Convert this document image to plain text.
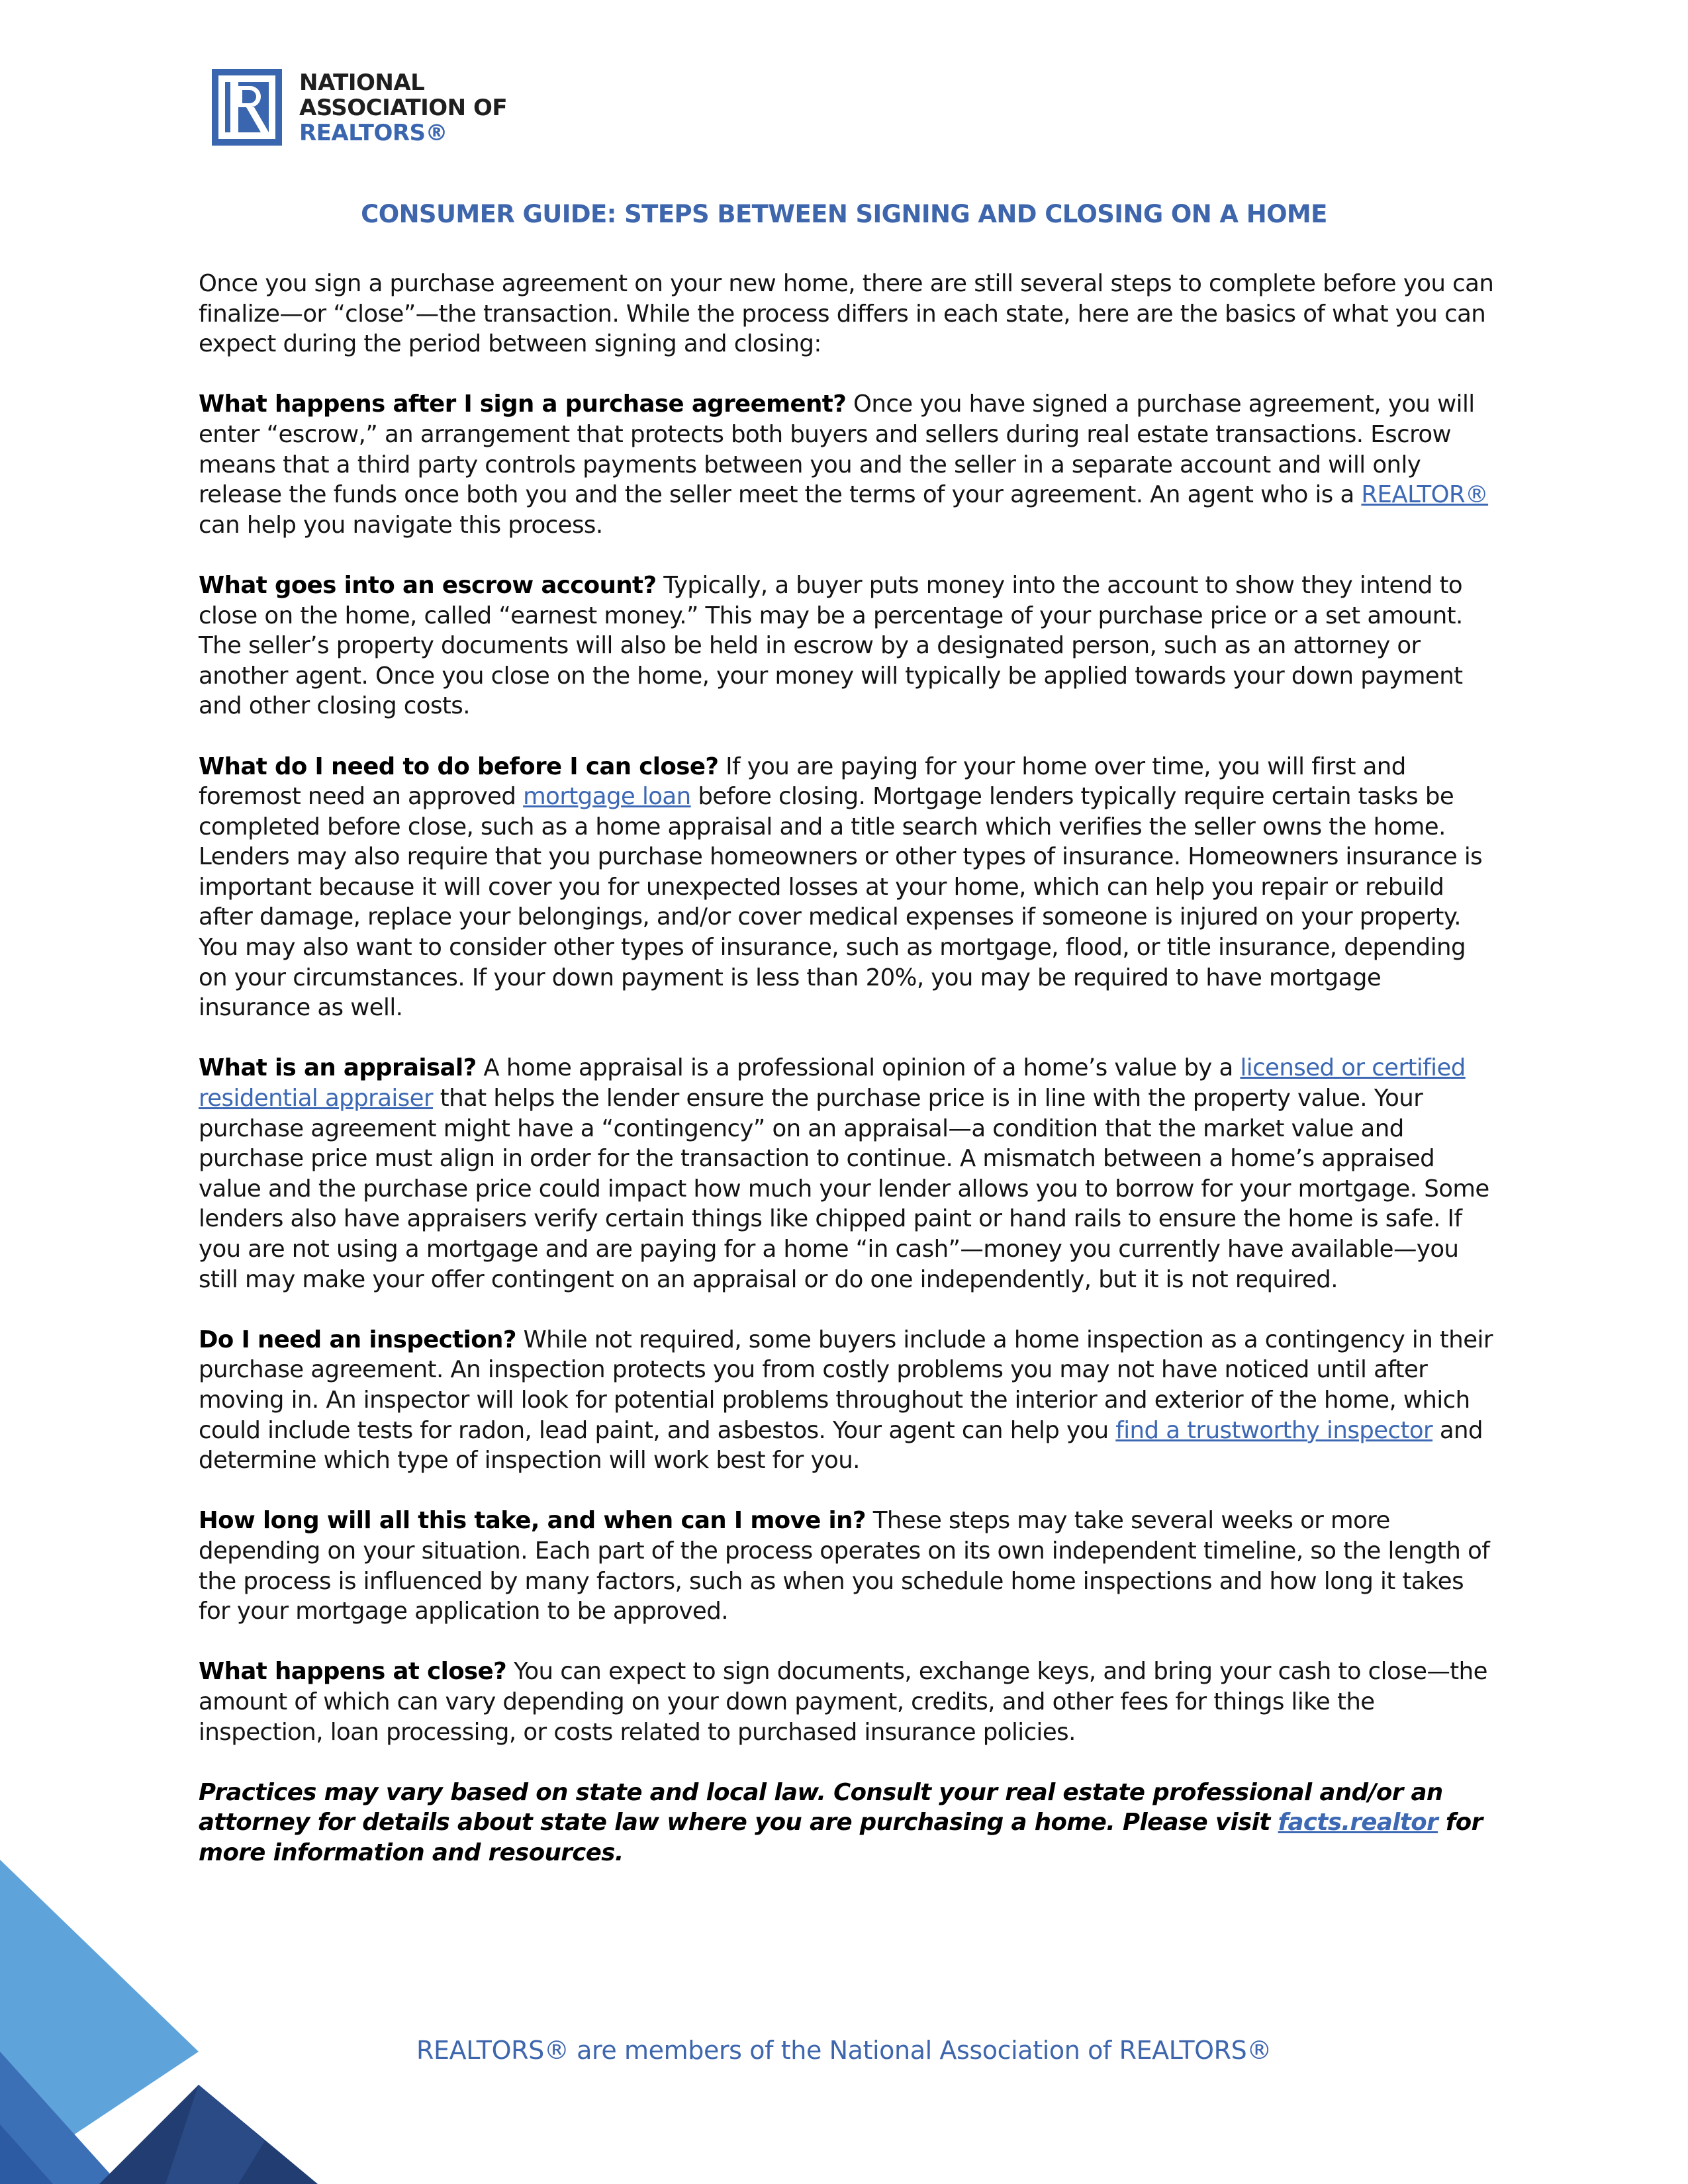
NATIONAL
ASSOCIATION OF
REALTORS®
CONSUMER GUIDE: STEPS BETWEEN SIGNING AND CLOSING ON A HOME

Once you sign a purchase agreement on your new home, there are still several steps to complete before you can finalize—or “close”—the transaction. While the process differs in each state, here are the basics of what you can expect during the period between signing and closing:

What happens after I sign a purchase agreement? Once you have signed a purchase agreement, you will enter “escrow,” an arrangement that protects both buyers and sellers during real estate transactions. Escrow means that a third party controls payments between you and the seller in a separate account and will only release the funds once both you and the seller meet the terms of your agreement. An agent who is a REALTOR® can help you navigate this process.

What goes into an escrow account? Typically, a buyer puts money into the account to show they intend to close on the home, called “earnest money.” This may be a percentage of your purchase price or a set amount. The seller’s property documents will also be held in escrow by a designated person, such as an attorney or another agent. Once you close on the home, your money will typically be applied towards your down payment and other closing costs.

What do I need to do before I can close? If you are paying for your home over time, you will first and foremost need an approved mortgage loan before closing. Mortgage lenders typically require certain tasks be completed before close, such as a home appraisal and a title search which verifies the seller owns the home. Lenders may also require that you purchase homeowners or other types of insurance. Homeowners insurance is important because it will cover you for unexpected losses at your home, which can help you repair or rebuild after damage, replace your belongings, and/or cover medical expenses if someone is injured on your property. You may also want to consider other types of insurance, such as mortgage, flood, or title insurance, depending on your circumstances. If your down payment is less than 20%, you may be required to have mortgage insurance as well.

What is an appraisal? A home appraisal is a professional opinion of a home’s value by a licensed or certified residential appraiser that helps the lender ensure the purchase price is in line with the property value. Your purchase agreement might have a “contingency” on an appraisal—a condition that the market value and purchase price must align in order for the transaction to continue. A mismatch between a home’s appraised value and the purchase price could impact how much your lender allows you to borrow for your mortgage. Some lenders also have appraisers verify certain things like chipped paint or hand rails to ensure the home is safe. If you are not using a mortgage and are paying for a home “in cash”—money you currently have available—you still may make your offer contingent on an appraisal or do one independently, but it is not required.

Do I need an inspection? While not required, some buyers include a home inspection as a contingency in their purchase agreement. An inspection protects you from costly problems you may not have noticed until after moving in. An inspector will look for potential problems throughout the interior and exterior of the home, which could include tests for radon, lead paint, and asbestos. Your agent can help you find a trustworthy inspector and determine which type of inspection will work best for you.

How long will all this take, and when can I move in? These steps may take several weeks or more depending on your situation. Each part of the process operates on its own independent timeline, so the length of the process is influenced by many factors, such as when you schedule home inspections and how long it takes for your mortgage application to be approved.

What happens at close? You can expect to sign documents, exchange keys, and bring your cash to close—the amount of which can vary depending on your down payment, credits, and other fees for things like the inspection, loan processing, or costs related to purchased insurance policies.

Practices may vary based on state and local law. Consult your real estate professional and/or an attorney for details about state law where you are purchasing a home. Please visit facts.realtor for more information and resources.

REALTORS® are members of the National Association of REALTORS®
